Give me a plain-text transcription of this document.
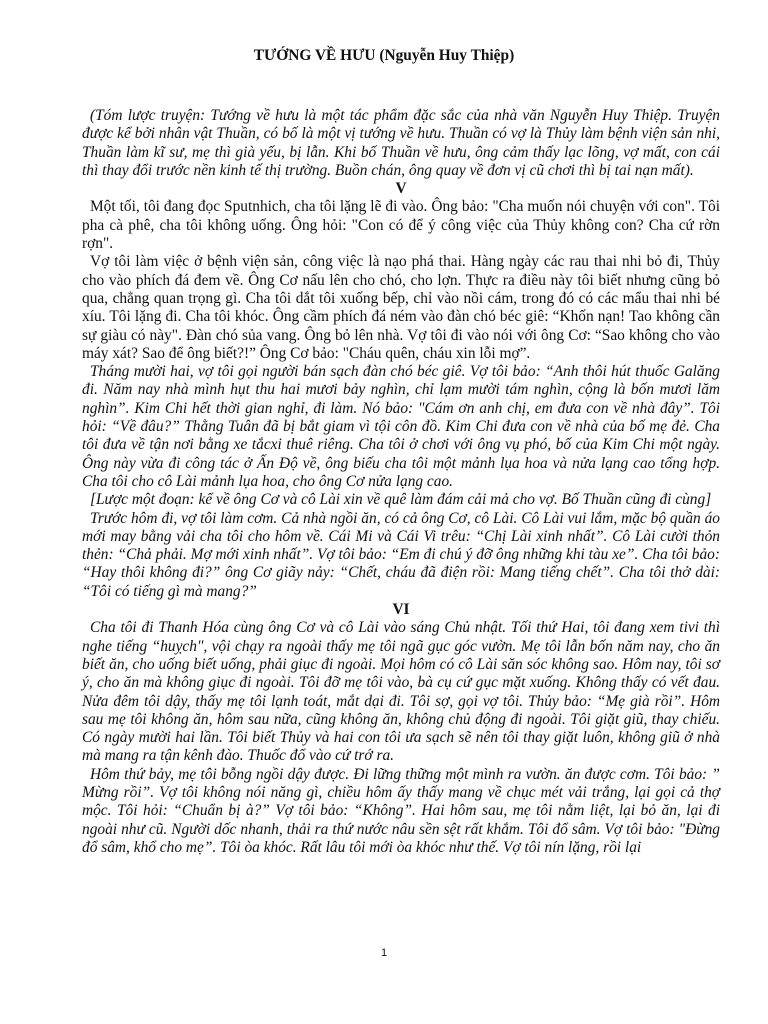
TƯỚNG VỀ HƯU (Nguyễn Huy Thiệp)

(Tóm lược truyện: Tướng về hưu là một tác phẩm đặc sắc của nhà văn Nguyễn Huy Thiệp. Truyện được kể bởi nhân vật Thuần, có bố là một vị tướng về hưu. Thuần có vợ là Thủy làm bệnh viện sản nhi, Thuần làm kĩ sư, mẹ thì già yếu, bị lẫn. Khi bố Thuần về hưu, ông cảm thấy lạc lõng, vợ mất, con cái thì thay đổi trước nền kinh tế thị trường. Buồn chán, ông quay về đơn vị cũ chơi thì bị tai nạn mất).

V

Một tối, tôi đang đọc Sputnhich, cha tôi lặng lẽ đi vào. Ông bảo: "Cha muốn nói chuyện với con". Tôi pha cà phê, cha tôi không uống. Ông hỏi: "Con có để ý công việc của Thủy không con? Cha cứ rờn rợn".

Vợ tôi làm việc ở bệnh viện sản, công việc là nạo phá thai. Hàng ngày các rau thai nhi bỏ đi, Thủy cho vào phích đá đem về. Ông Cơ nấu lên cho chó, cho lợn. Thực ra điều này tôi biết nhưng cũng bỏ qua, chẳng quan trọng gì. Cha tôi dắt tôi xuống bếp, chỉ vào nồi cám, trong đó có các mẩu thai nhi bé xíu. Tôi lặng đi. Cha tôi khóc. Ông cầm phích đá ném vào đàn chó béc giê: “Khốn nạn! Tao không cần sự giàu có này". Đàn chó sủa vang. Ông bỏ lên nhà. Vợ tôi đi vào nói với ông Cơ: “Sao không cho vào máy xát? Sao để ông biết?!” Ông Cơ bảo: "Cháu quên, cháu xin lỗi mợ”.

Tháng mười hai, vợ tôi gọi người bán sạch đàn chó béc giê. Vợ tôi bảo: “Anh thôi hút thuốc Galăng đi. Năm nay nhà mình hụt thu hai mươi bảy nghìn, chỉ lạm mười tám nghìn, cộng là bốn mươi lăm nghìn”. Kim Chi hết thời gian nghỉ, đi làm. Nó bảo: "Cám ơn anh chị, em đưa con về nhà đây”. Tôi hỏi: “Về đâu?” Thằng Tuân đã bị bắt giam vì tội côn đồ. Kim Chi đưa con về nhà của bố mẹ đẻ. Cha tôi đưa về tận nơi bằng xe tắcxi thuê riêng. Cha tôi ở chơi với ông vụ phó, bố của Kim Chi một ngày. Ông này vừa đi công tác ở Ấn Độ về, ông biếu cha tôi một mảnh lụa hoa và nửa lạng cao tổng hợp. Cha tôi cho cô Lài mảnh lụa hoa, cho ông Cơ nửa lạng cao.

[Lược một đoạn: kể về ông Cơ và cô Lài xin về quê làm đám cải mả cho vợ. Bố Thuần cũng đi cùng]

Trước hôm đi, vợ tôi làm cơm. Cả nhà ngồi ăn, có cả ông Cơ, cô Lài. Cô Lài vui lắm, mặc bộ quần áo mới may bằng vải cha tôi cho hôm về. Cái Mi và Cái Vi trêu: “Chị Lài xinh nhất”. Cô Lài cười thỏn thẻn: “Chả phải. Mợ mới xinh nhất”. Vợ tôi bảo: “Em đi chú ý đỡ ông những khi tàu xe”. Cha tôi bảo: “Hay thôi không đi?” ông Cơ giãy nảy: “Chết, cháu đã điện rồi: Mang tiếng chết”. Cha tôi thở dài: “Tôi có tiếng gì mà mang?”

VI

Cha tôi đi Thanh Hóa cùng ông Cơ và cô Lài vào sáng Chủ nhật. Tối thứ Hai, tôi đang xem tivi thì nghe tiếng “huỵch", vội chạy ra ngoài thấy mẹ tôi ngã gục góc vườn. Mẹ tôi lẫn bốn năm nay, cho ăn biết ăn, cho uống biết uống, phải giục đi ngoài. Mọi hôm có cô Lài săn sóc không sao. Hôm nay, tôi sơ ý, cho ăn mà không giục đi ngoài. Tôi đỡ mẹ tôi vào, bà cụ cứ gục mặt xuống. Không thấy có vết đau. Nửa đêm tôi dậy, thấy mẹ tôi lạnh toát, mắt dại đi. Tôi sợ, gọi vợ tôi. Thủy bảo: “Mẹ già rồi”. Hôm sau mẹ tôi không ăn, hôm sau nữa, cũng không ăn, không chủ động đi ngoài. Tôi giặt giũ, thay chiếu. Có ngày mười hai lần. Tôi biết Thủy và hai con tôi ưa sạch sẽ nên tôi thay giặt luôn, không giũ ở nhà mà mang ra tận kênh đào. Thuốc đổ vào cứ trớ ra.

Hôm thứ bảy, mẹ tôi bỗng ngồi dậy được. Đi lững thững một mình ra vườn. ăn được cơm. Tôi bảo: ” Mừng rồi”. Vợ tôi không nói năng gì, chiều hôm ấy thấy mang về chục mét vải trắng, lại gọi cả thợ mộc. Tôi hỏi: “Chuẩn bị à?” Vợ tôi bảo: “Không”. Hai hôm sau, mẹ tôi nằm liệt, lại bỏ ăn, lại đi ngoài như cũ. Người dốc nhanh, thải ra thứ nước nâu sền sệt rất khắm. Tôi đổ sâm. Vợ tôi bảo: "Đừng đổ sâm, khổ cho mẹ”. Tôi òa khóc. Rất lâu tôi mới òa khóc như thế. Vợ tôi nín lặng, rồi lại

1
